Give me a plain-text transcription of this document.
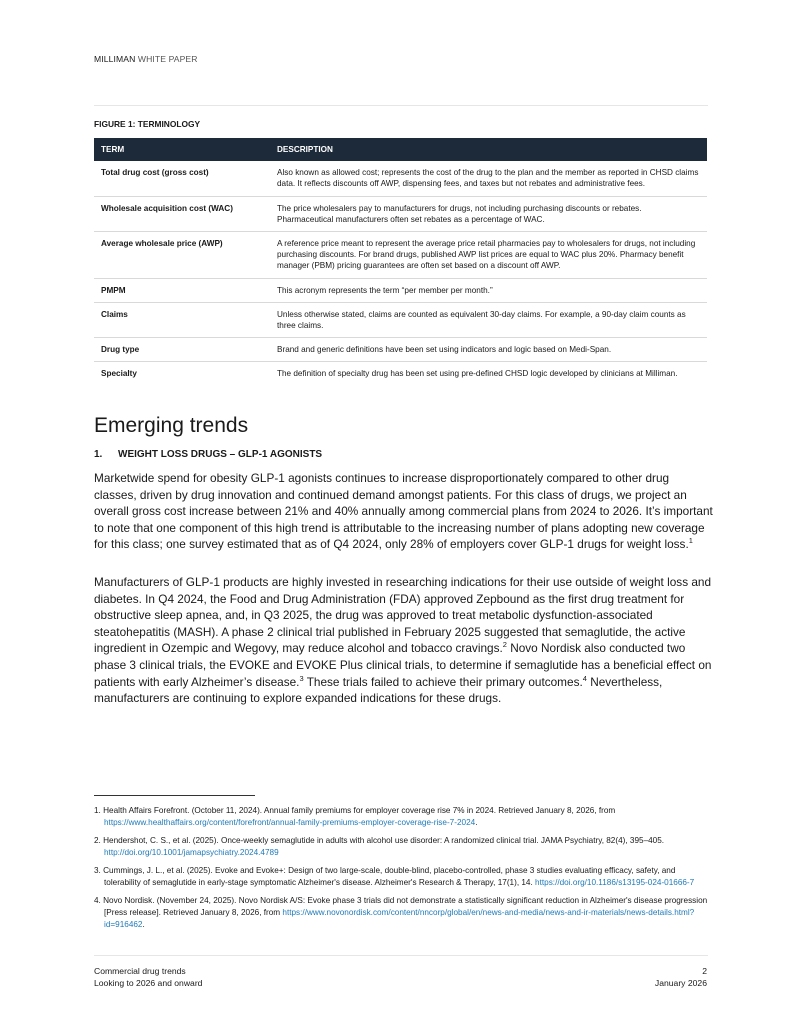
MILLIMAN WHITE PAPER
FIGURE 1: TERMINOLOGY
TERM	DESCRIPTION
Total drug cost (gross cost)	Also known as allowed cost; represents the cost of the drug to the plan and the member as reported in CHSD claims data. It reflects discounts off AWP, dispensing fees, and taxes but not rebates and administrative fees.
Wholesale acquisition cost (WAC)	The price wholesalers pay to manufacturers for drugs, not including purchasing discounts or rebates. Pharmaceutical manufacturers often set rebates as a percentage of WAC.
Average wholesale price (AWP)	A reference price meant to represent the average price retail pharmacies pay to wholesalers for drugs, not including purchasing discounts. For brand drugs, published AWP list prices are equal to WAC plus 20%. Pharmacy benefit manager (PBM) pricing guarantees are often set based on a discount off AWP.
PMPM	This acronym represents the term “per member per month.”
Claims	Unless otherwise stated, claims are counted as equivalent 30-day claims. For example, a 90-day claim counts as three claims.
Drug type	Brand and generic definitions have been set using indicators and logic based on Medi-Span.
Specialty	The definition of specialty drug has been set using pre-defined CHSD logic developed by clinicians at Milliman.
Emerging trends
1. WEIGHT LOSS DRUGS – GLP-1 AGONISTS
Marketwide spend for obesity GLP-1 agonists continues to increase disproportionately compared to other drug classes, driven by drug innovation and continued demand amongst patients. For this class of drugs, we project an overall gross cost increase between 21% and 40% annually among commercial plans from 2024 to 2026. It’s important to note that one component of this high trend is attributable to the increasing number of plans adopting new coverage for this class; one survey estimated that as of Q4 2024, only 28% of employers cover GLP-1 drugs for weight loss.$^1$
Manufacturers of GLP-1 products are highly invested in researching indications for their use outside of weight loss and diabetes. In Q4 2024, the Food and Drug Administration (FDA) approved Zepbound as the first drug treatment for obstructive sleep apnea, and, in Q3 2025, the drug was approved to treat metabolic dysfunction-associated steatohepatitis (MASH). A phase 2 clinical trial published in February 2025 suggested that semaglutide, the active ingredient in Ozempic and Wegovy, may reduce alcohol and tobacco cravings.$^2$ Novo Nordisk also conducted two phase 3 clinical trials, the EVOKE and EVOKE Plus clinical trials, to determine if semaglutide has a beneficial effect on patients with early Alzheimer’s disease.$^3$ These trials failed to achieve their primary outcomes.$^4$ Nevertheless, manufacturers are continuing to explore expanded indications for these drugs.

1. Health Affairs Forefront. (October 11, 2024). Annual family premiums for employer coverage rise 7% in 2024. Retrieved January 8, 2026, from https://www.healthaffairs.org/content/forefront/annual-family-premiums-employer-coverage-rise-7-2024.

2. Hendershot, C. S., et al. (2025). Once-weekly semaglutide in adults with alcohol use disorder: A randomized clinical trial. JAMA Psychiatry, 82(4), 395–405. http://doi.org/10.1001/jamapsychiatry.2024.4789

3. Cummings, J. L., et al. (2025). Evoke and Evoke+: Design of two large-scale, double-blind, placebo-controlled, phase 3 studies evaluating efficacy, safety, and tolerability of semaglutide in early-stage symptomatic Alzheimer's disease. Alzheimer's Research & Therapy, 17(1), 14. https://doi.org/10.1186/s13195-024-01666-7

4. Novo Nordisk. (November 24, 2025). Novo Nordisk A/S: Evoke phase 3 trials did not demonstrate a statistically significant reduction in Alzheimer's disease progression [Press release]. Retrieved January 8, 2026, from https://www.novonordisk.com/content/nncorp/global/en/news-and-media/news-and-ir-materials/news-details.html?id=916462.

Commercial drug trends
Looking to 2026 and onward
2
January 2026
